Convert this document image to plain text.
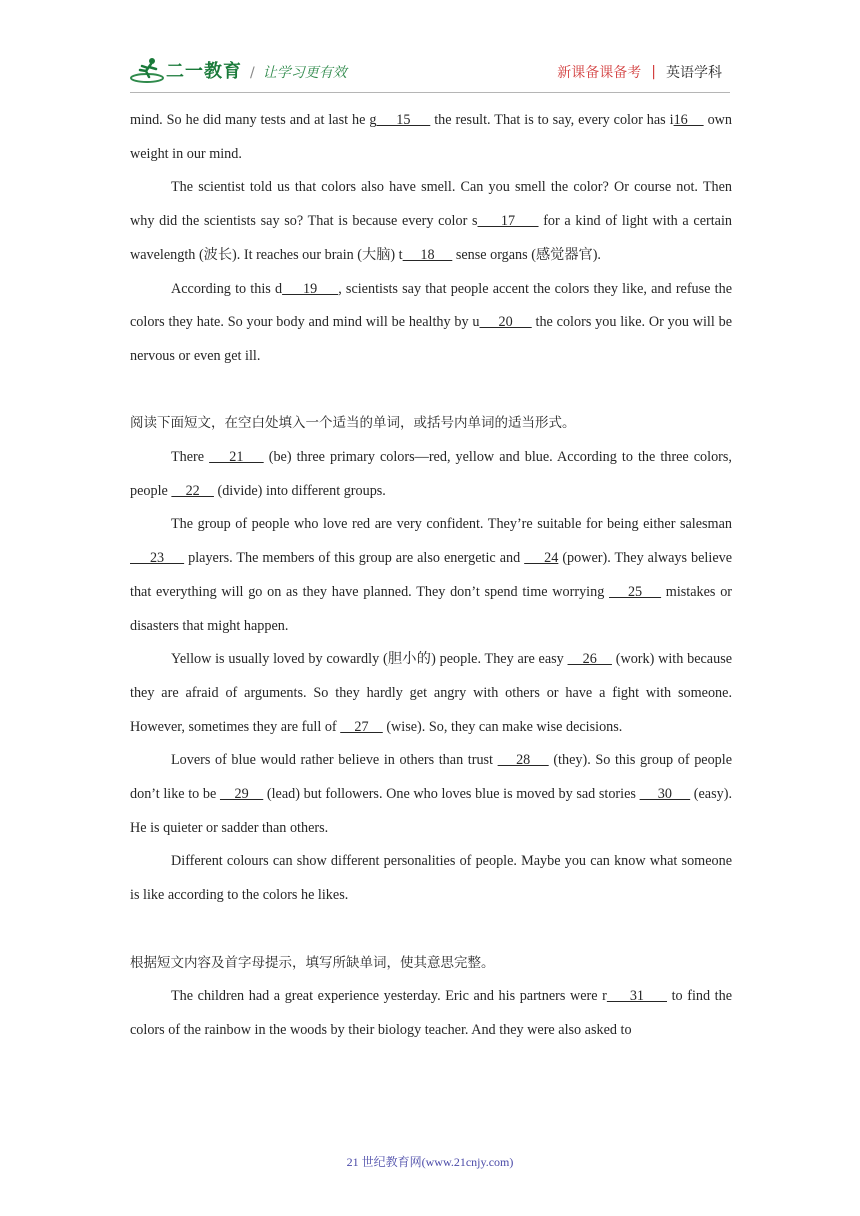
二一教育 / 让学习更有效	新课备课备考 | 英语学科

mind. So he did many tests and at last he g     15      the result. That is to say, every color has i16     own weight in our mind.

The scientist told us that colors also have smell. Can you smell the color? Or course not. Then why did the scientists say so? That is because every color s     17      for a kind of light with a certain wavelength (波长). It reaches our brain (大脑) t     18      sense organs (感觉器官).

According to this d     19     , scientists say that people accent the colors they like, and refuse the colors they hate. So your body and mind will be healthy by u     20      the colors you like. Or you will be nervous or even get ill.

阅读下面短文，在空白处填入一个适当的单词，或括号内单词的适当形式。

There     21     (be) three primary colors—red, yellow and blue. According to the three colors, people     22     (divide) into different groups.

The group of people who love red are very confident. They’re suitable for being either salesman      23      players. The members of this group are also energetic and      24 (power). They always believe that everything will go on as they have planned. They don’t spend time worrying     25     mistakes or disasters that might happen.

Yellow is usually loved by cowardly (胆小的) people. They are easy     26     (work) with because they are afraid of arguments. So they hardly get angry with others or have a fight with someone. However, sometimes they are full of     27     (wise). So, they can make wise decisions.

Lovers of blue would rather believe in others than trust     28     (they). So this group of people don’t like to be     29     (lead) but followers. One who loves blue is moved by sad stories      30      (easy). He is quieter or sadder than others.

Different colours can show different personalities of people. Maybe you can know what someone is like according to the colors he likes.

根据短文内容及首字母提示，填写所缺单词，使其意思完整。

The children had a great experience yesterday. Eric and his partners were r     31      to find the colors of the rainbow in the woods by their biology teacher. And they were also asked to

21 世纪教育网(www.21cnjy.com)
